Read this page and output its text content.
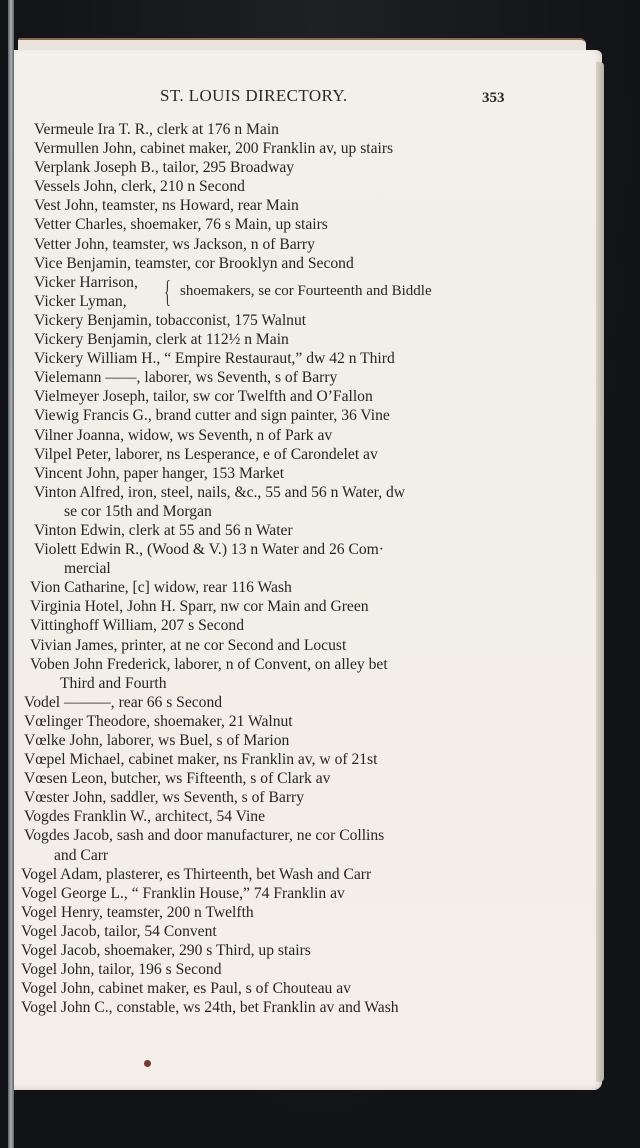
ST. LOUIS DIRECTORY.	353
Vermeule Ira T. R., clerk at 176 n Main
Vermullen John, cabinet maker, 200 Franklin av, up stairs
Verplank Joseph B., tailor, 295 Broadway
Vessels John, clerk, 210 n Second
Vest John, teamster, ns Howard, rear Main
Vetter Charles, shoemaker, 76 s Main, up stairs
Vetter John, teamster, ws Jackson, n of Barry
Vice Benjamin, teamster, cor Brooklyn and Second
Vicker Harrison,
Vicker Lyman,	{ shoemakers, se cor Fourteenth and Biddle
Vickery Benjamin, tobacconist, 175 Walnut
Vickery Benjamin, clerk at 112½ n Main
Vickery William H., “ Empire Restauraut,” dw 42 n Third
Vielemann ——, laborer, ws Seventh, s of Barry
Vielmeyer Joseph, tailor, sw cor Twelfth and O’Fallon
Viewig Francis G., brand cutter and sign painter, 36 Vine
Vilner Joanna, widow, ws Seventh, n of Park av
Vilpel Peter, laborer, ns Lesperance, e of Carondelet av
Vincent John, paper hanger, 153 Market
Vinton Alfred, iron, steel, nails, &c., 55 and 56 n Water, dw
se cor 15th and Morgan
Vinton Edwin, clerk at 55 and 56 n Water
Violett Edwin R., (Wood & V.) 13 n Water and 26 Com·
mercial
Vion Catharine, [c] widow, rear 116 Wash
Virginia Hotel, John H. Sparr, nw cor Main and Green
Vittinghoff William, 207 s Second
Vivian James, printer, at ne cor Second and Locust
Voben John Frederick, laborer, n of Convent, on alley bet
Third and Fourth
Vodel ———, rear 66 s Second
Vœlinger Theodore, shoemaker, 21 Walnut
Vœlke John, laborer, ws Buel, s of Marion
Vœpel Michael, cabinet maker, ns Franklin av, w of 21st
Vœsen Leon, butcher, ws Fifteenth, s of Clark av
Vœster John, saddler, ws Seventh, s of Barry
Vogdes Franklin W., architect, 54 Vine
Vogdes Jacob, sash and door manufacturer, ne cor Collins
and Carr
Vogel Adam, plasterer, es Thirteenth, bet Wash and Carr
Vogel George L., “ Franklin House,” 74 Franklin av
Vogel Henry, teamster, 200 n Twelfth
Vogel Jacob, tailor, 54 Convent
Vogel Jacob, shoemaker, 290 s Third, up stairs
Vogel John, tailor, 196 s Second
Vogel John, cabinet maker, es Paul, s of Chouteau av
Vogel John C., constable, ws 24th, bet Franklin av and Wash
